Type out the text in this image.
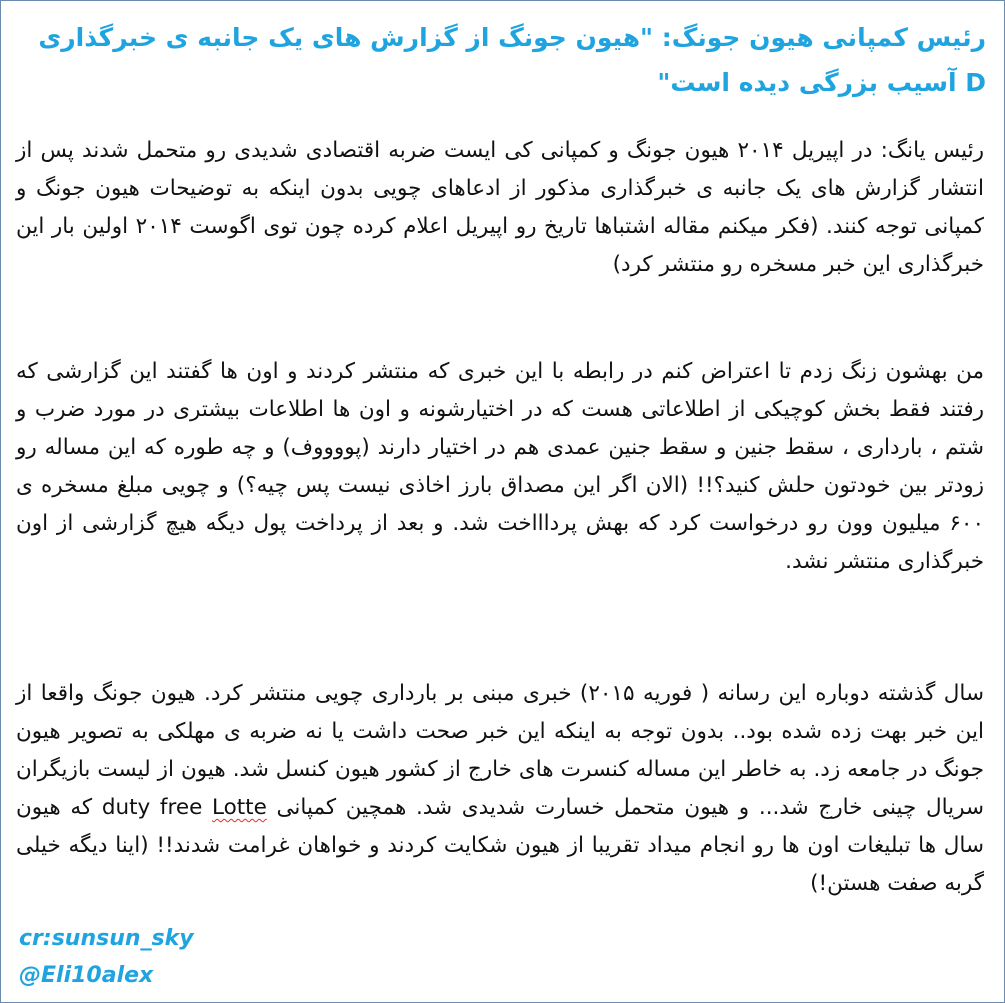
رئیس کمپانی هیون جونگ: "هیون جونگ از گزارش های یک جانبه ی خبرگذاری D آسیب بزرگی دیده است"

رئیس یانگ: در اپیریل ۲۰۱۴ هیون جونگ و کمپانی کی ایست ضربه اقتصادی شدیدی رو متحمل شدند پس از انتشار گزارش های یک جانبه ی خبرگذاری مذکور از ادعاهای چویی بدون اینکه به توضیحات هیون جونگ و کمپانی توجه کنند. (فکر میکنم مقاله اشتباها تاریخ رو اپیریل اعلام کرده چون توی اگوست ۲۰۱۴ اولین بار این خبرگذاری این خبر مسخره رو منتشر کرد)

من بهشون زنگ زدم تا اعتراض کنم در رابطه با این خبری که منتشر کردند و اون ها گفتند این گزارشی که رفتند فقط بخش کوچیکی از اطلاعاتی هست که در اختیارشونه و اون ها اطلاعات بیشتری در مورد ضرب و شتم ، بارداری ، سقط جنین و سقط جنین عمدی هم در اختیار دارند (پووووف) و چه طوره که این مساله رو زودتر بین خودتون حلش کنید؟!! (الان اگر این مصداق بارز اخاذی نیست پس چیه؟) و چویی مبلغ مسخره ی ۶۰۰ میلیون وون رو درخواست کرد که بهش پرداااخت شد. و بعد از پرداخت پول دیگه هیچ گزارشی از اون خبرگذاری منتشر نشد.

سال گذشته دوباره این رسانه ( فوریه ۲۰۱۵) خبری مبنی بر بارداری چویی منتشر کرد. هیون جونگ واقعا از این خبر بهت زده شده بود.. بدون توجه به اینکه این خبر صحت داشت یا نه ضربه ی مهلکی به تصویر هیون جونگ در جامعه زد. به خاطر این مساله کنسرت های خارج از کشور هیون کنسل شد. هیون از لیست بازیگران سریال چینی خارج شد... و هیون متحمل خسارت شدیدی شد. همچین کمپانی Lotte duty free که هیون سال ها تبلیغات اون ها رو انجام میداد تقریبا از هیون شکایت کردند و خواهان غرامت شدند!! (اینا دیگه خیلی گربه صفت هستن!)

cr:sunsun_sky
@Eli10alex
